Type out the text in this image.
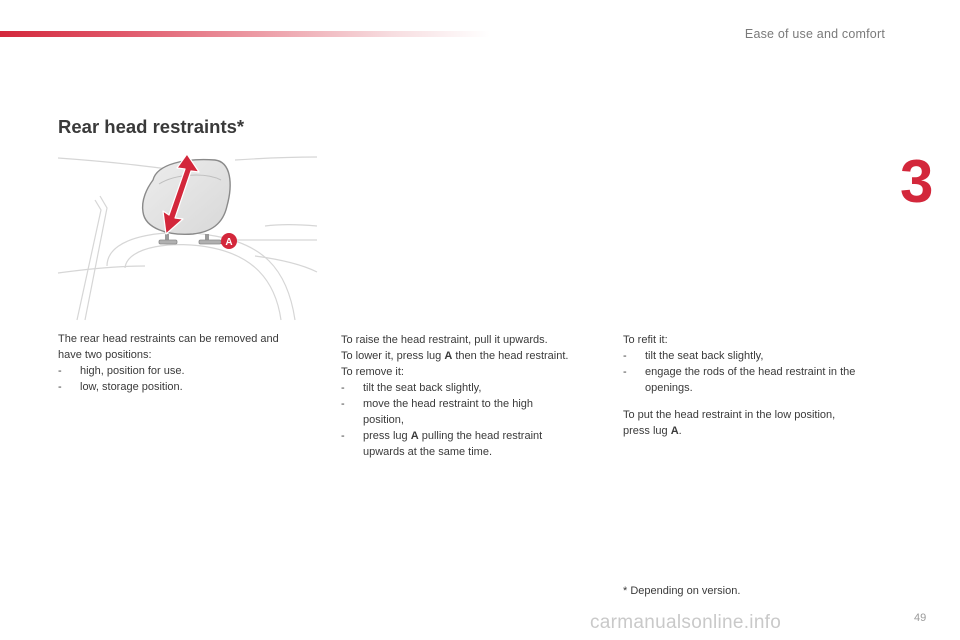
Ease of use and comfort
3
Rear head restraints*
A
The rear head restraints can be removed and
have two positions:
- high, position for use.
- low, storage position.
To raise the head restraint, pull it upwards.
To lower it, press lug A then the head restraint.
To remove it:
- tilt the seat back slightly,
- move the head restraint to the high
position,
- press lug A pulling the head restraint
upwards at the same time.
To refit it:
- tilt the seat back slightly,
- engage the rods of the head restraint in the
openings.
To put the head restraint in the low position,
press lug A.
* Depending on version.
carmanualsonline.info	49
